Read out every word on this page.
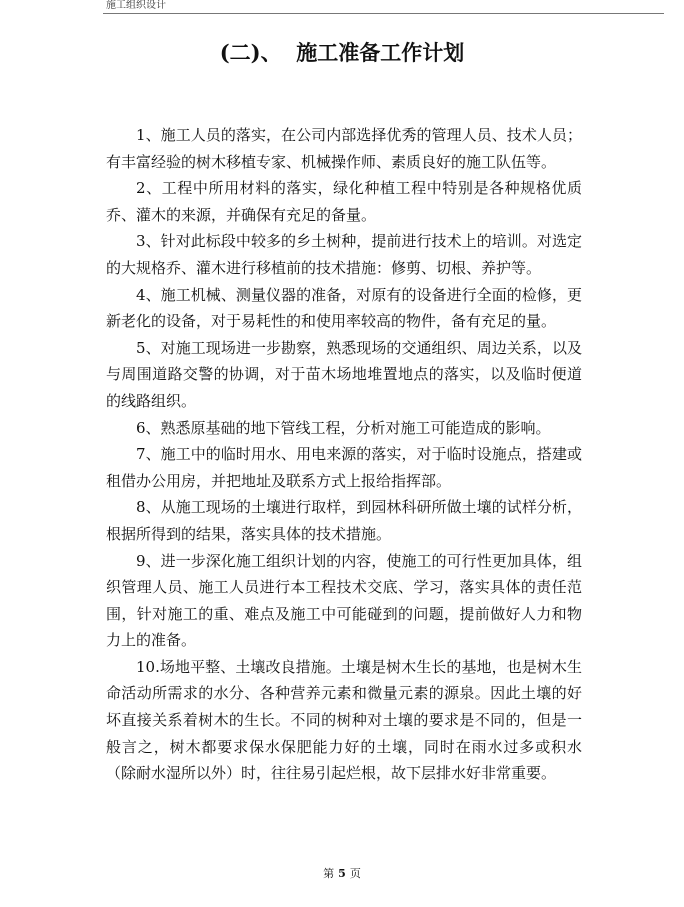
施工组织设计
(二)、  施工准备工作计划

1、施工人员的落实，在公司内部选择优秀的管理人员、技术人员；有丰富经验的树木移植专家、机械操作师、素质良好的施工队伍等。

2、工程中所用材料的落实，绿化种植工程中特别是各种规格优质乔、灌木的来源，并确保有充足的备量。

3、针对此标段中较多的乡土树种，提前进行技术上的培训。对选定的大规格乔、灌木进行移植前的技术措施：修剪、切根、养护等。

4、施工机械、测量仪器的准备，对原有的设备进行全面的检修，更新老化的设备，对于易耗性的和使用率较高的物件，备有充足的量。

5、对施工现场进一步勘察，熟悉现场的交通组织、周边关系，以及与周围道路交警的协调，对于苗木场地堆置地点的落实，以及临时便道的线路组织。

6、熟悉原基础的地下管线工程，分析对施工可能造成的影响。

7、施工中的临时用水、用电来源的落实，对于临时设施点，搭建或租借办公用房，并把地址及联系方式上报给指挥部。

8、从施工现场的土壤进行取样，到园林科研所做土壤的试样分析，根据所得到的结果，落实具体的技术措施。

9、进一步深化施工组织计划的内容，使施工的可行性更加具体，组织管理人员、施工人员进行本工程技术交底、学习，落实具体的责任范围，针对施工的重、难点及施工中可能碰到的问题，提前做好人力和物力上的准备。

10.场地平整、土壤改良措施。土壤是树木生长的基地，也是树木生命活动所需求的水分、各种营养元素和微量元素的源泉。因此土壤的好坏直接关系着树木的生长。不同的树种对土壤的要求是不同的，但是一般言之，树木都要求保水保肥能力好的土壤，同时在雨水过多或积水（除耐水湿所以外）时，往往易引起烂根，故下层排水好非常重要。

第 5 页
